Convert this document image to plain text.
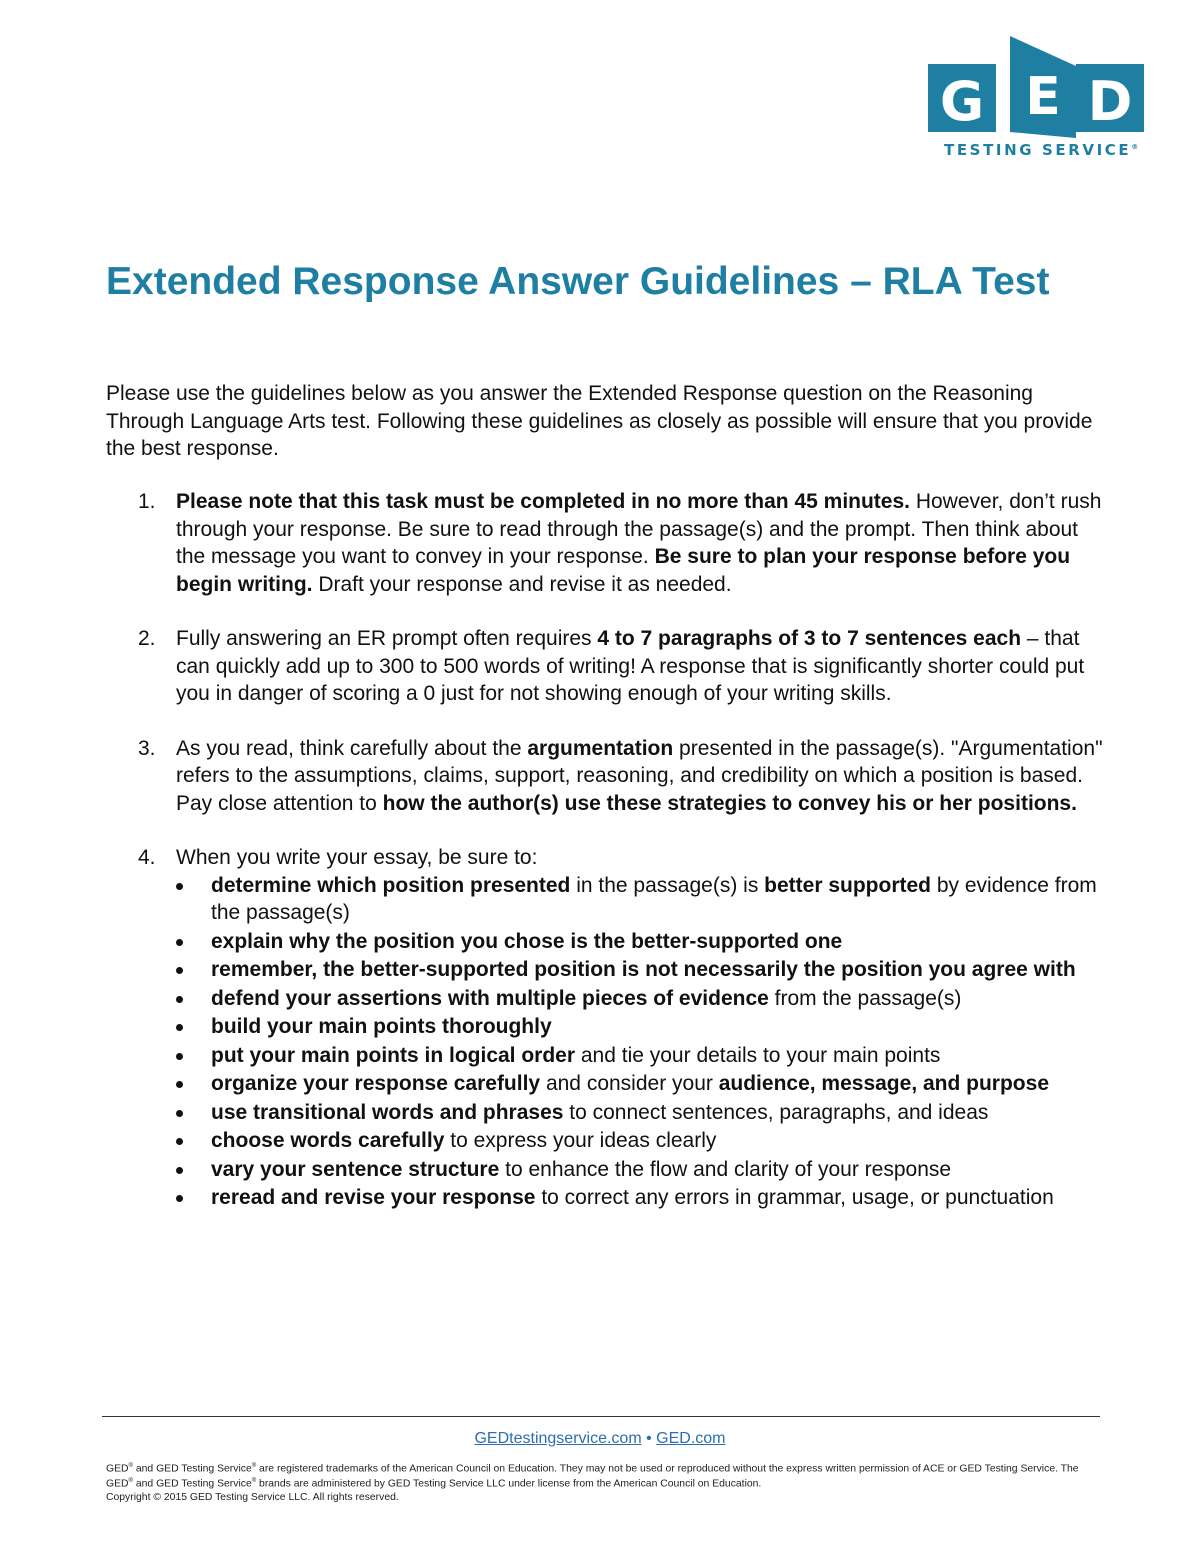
G E D
TESTING SERVICE®
Extended Response Answer Guidelines – RLA Test

Please use the guidelines below as you answer the Extended Response question on the Reasoning Through Language Arts test. Following these guidelines as closely as possible will ensure that you provide the best response.

1. Please note that this task must be completed in no more than 45 minutes. However, don’t rush through your response. Be sure to read through the passage(s) and the prompt. Then think about the message you want to convey in your response. Be sure to plan your response before you begin writing. Draft your response and revise it as needed.
2. Fully answering an ER prompt often requires 4 to 7 paragraphs of 3 to 7 sentences each – that can quickly add up to 300 to 500 words of writing! A response that is significantly shorter could put you in danger of scoring a 0 just for not showing enough of your writing skills.
3. As you read, think carefully about the argumentation presented in the passage(s). "Argumentation" refers to the assumptions, claims, support, reasoning, and credibility on which a position is based. Pay close attention to how the author(s) use these strategies to convey his or her positions.
4. When you write your essay, be sure to:
determine which position presented in the passage(s) is better supported by evidence from the passage(s)
explain why the position you chose is the better-supported one
remember, the better-supported position is not necessarily the position you agree with
defend your assertions with multiple pieces of evidence from the passage(s)
build your main points thoroughly
put your main points in logical order and tie your details to your main points
organize your response carefully and consider your audience, message, and purpose
use transitional words and phrases to connect sentences, paragraphs, and ideas
choose words carefully to express your ideas clearly
vary your sentence structure to enhance the flow and clarity of your response
reread and revise your response to correct any errors in grammar, usage, or punctuation
GEDtestingservice.com • GED.com
GED® and GED Testing Service® are registered trademarks of the American Council on Education. They may not be used or reproduced without the express written permission of ACE or GED Testing Service. The GED® and GED Testing Service® brands are administered by GED Testing Service LLC under license from the American Council on Education.
Copyright © 2015 GED Testing Service LLC. All rights reserved.
